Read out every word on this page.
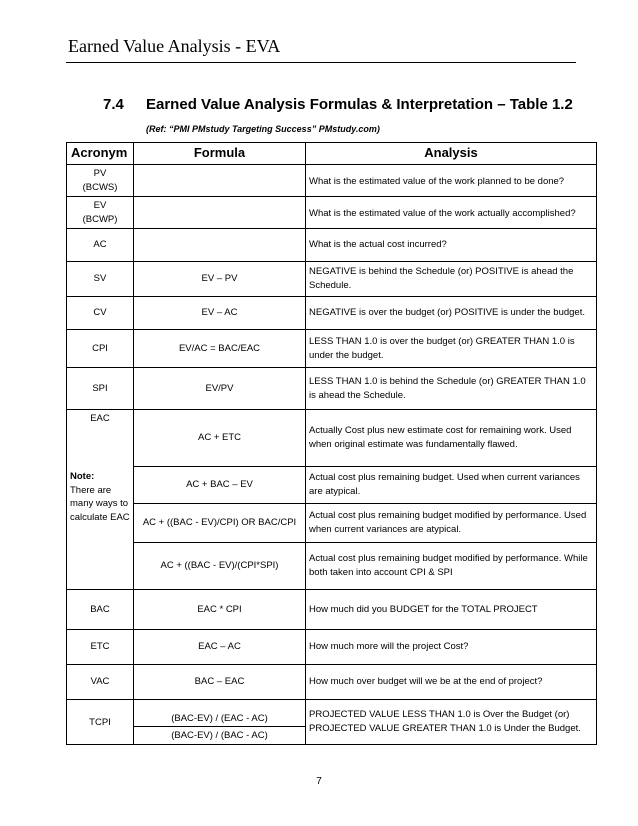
Earned Value Analysis - EVA
7.4 Earned Value Analysis Formulas & Interpretation – Table 1.2
(Ref: “PMI PMstudy Targeting Success” PMstudy.com)
Acronym	Formula	Analysis

PV
(BCWS)		What is the estimated value of the work planned to be done?

EV
(BCWP)		What is the estimated value of the work actually accomplished?
AC		What is the actual cost incurred?
SV	EV – PV	NEGATIVE is behind the Schedule (or) POSITIVE is ahead the Schedule.
CV	EV – AC	NEGATIVE is over the budget (or) POSITIVE is under the budget.
CPI	EV/AC = BAC/EAC	LESS THAN 1.0 is over the budget (or) GREATER THAN 1.0 is under the budget.
SPI	EV/PV	LESS THAN 1.0 is behind the Schedule (or) GREATER THAN 1.0 is ahead the Schedule.

EAC
Note:
There are many ways to calculate EAC	AC + ETC	Actually Cost plus new estimate cost for remaining work. Used when original estimate was fundamentally flawed.
	AC + BAC – EV	Actual cost plus remaining budget. Used when current variances are atypical.
	AC + ((BAC - EV)/CPI) OR BAC/CPI	Actual cost plus remaining budget modified by performance. Used when current variances are atypical.
	AC + ((BAC - EV)/(CPI*SPI)	Actual cost plus remaining budget modified by performance. While both taken into account CPI & SPI
BAC	EAC * CPI	How much did you BUDGET for the TOTAL PROJECT
ETC	EAC – AC	How much more will the project Cost?
VAC	BAC – EAC	How much over budget will we be at the end of project?
TCPI	(BAC-EV) / (EAC - AC)	PROJECTED VALUE LESS THAN 1.0 is Over the Budget (or) PROJECTED VALUE GREATER THAN 1.0 is Under the Budget.
	(BAC-EV) / (BAC - AC)	
7
